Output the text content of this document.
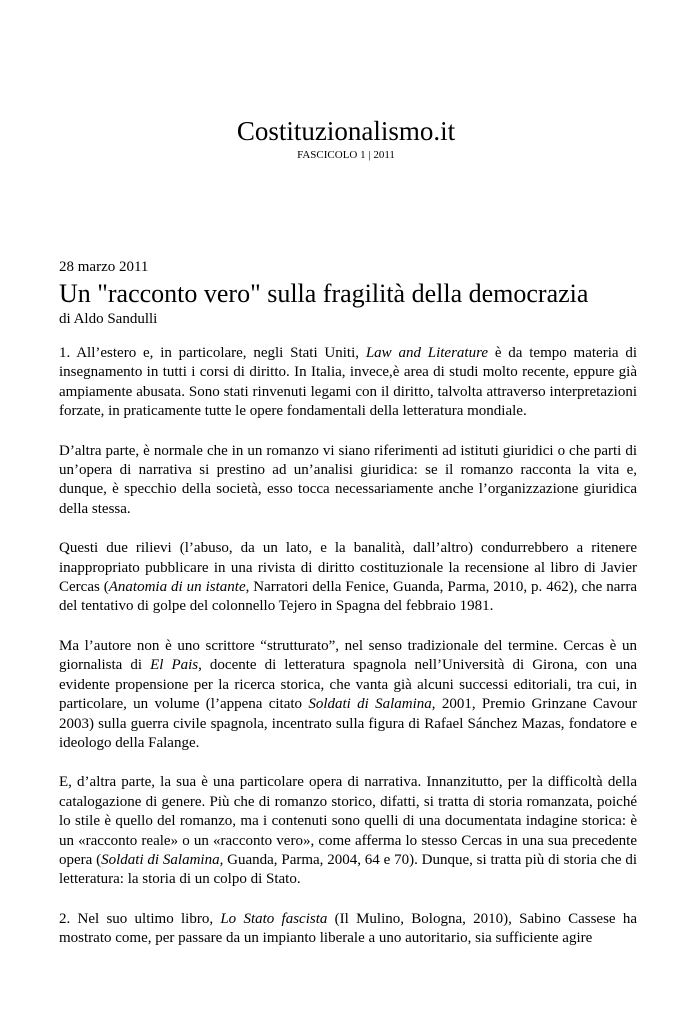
Costituzionalismo.it
FASCICOLO 1 | 2011
28 marzo 2011
Un "racconto vero" sulla fragilità della democrazia
di Aldo Sandulli

1. All’estero e, in particolare, negli Stati Uniti, Law and Literature è da tempo materia di insegnamento in tutti i corsi di diritto. In Italia, invece,è area di studi molto recente, eppure già ampiamente abusata. Sono stati rinvenuti legami con il diritto, talvolta attraverso interpretazioni forzate, in praticamente tutte le opere fondamentali della letteratura mondiale.

D’altra parte, è normale che in un romanzo vi siano riferimenti ad istituti giuridici o che parti di un’opera di narrativa si prestino ad un’analisi giuridica: se il romanzo racconta la vita e, dunque, è specchio della società, esso tocca necessariamente anche l’organizzazione giuridica della stessa.

Questi due rilievi (l’abuso, da un lato, e la banalità, dall’altro) condurrebbero a ritenere inappropriato pubblicare in una rivista di diritto costituzionale la recensione al libro di Javier Cercas (Anatomia di un istante, Narratori della Fenice, Guanda, Parma, 2010, p. 462), che narra del tentativo di golpe del colonnello Tejero in Spagna del febbraio 1981.

Ma l’autore non è uno scrittore “strutturato”, nel senso tradizionale del termine. Cercas è un giornalista di El Pais, docente di letteratura spagnola nell’Università di Girona, con una evidente propensione per la ricerca storica, che vanta già alcuni successi editoriali, tra cui, in particolare, un volume (l’appena citato Soldati di Salamina, 2001, Premio Grinzane Cavour 2003) sulla guerra civile spagnola, incentrato sulla figura di Rafael Sánchez Mazas, fondatore e ideologo della Falange.

E, d’altra parte, la sua è una particolare opera di narrativa. Innanzitutto, per la difficoltà della catalogazione di genere. Più che di romanzo storico, difatti, si tratta di storia romanzata, poiché lo stile è quello del romanzo, ma i contenuti sono quelli di una documentata indagine storica: è un «racconto reale» o un «racconto vero», come afferma lo stesso Cercas in una sua precedente opera (Soldati di Salamina, Guanda, Parma, 2004, 64 e 70). Dunque, si tratta più di storia che di letteratura: la storia di un colpo di Stato.

2. Nel suo ultimo libro, Lo Stato fascista (Il Mulino, Bologna, 2010), Sabino Cassese ha mostrato come, per passare da un impianto liberale a uno autoritario, sia sufficiente agire
